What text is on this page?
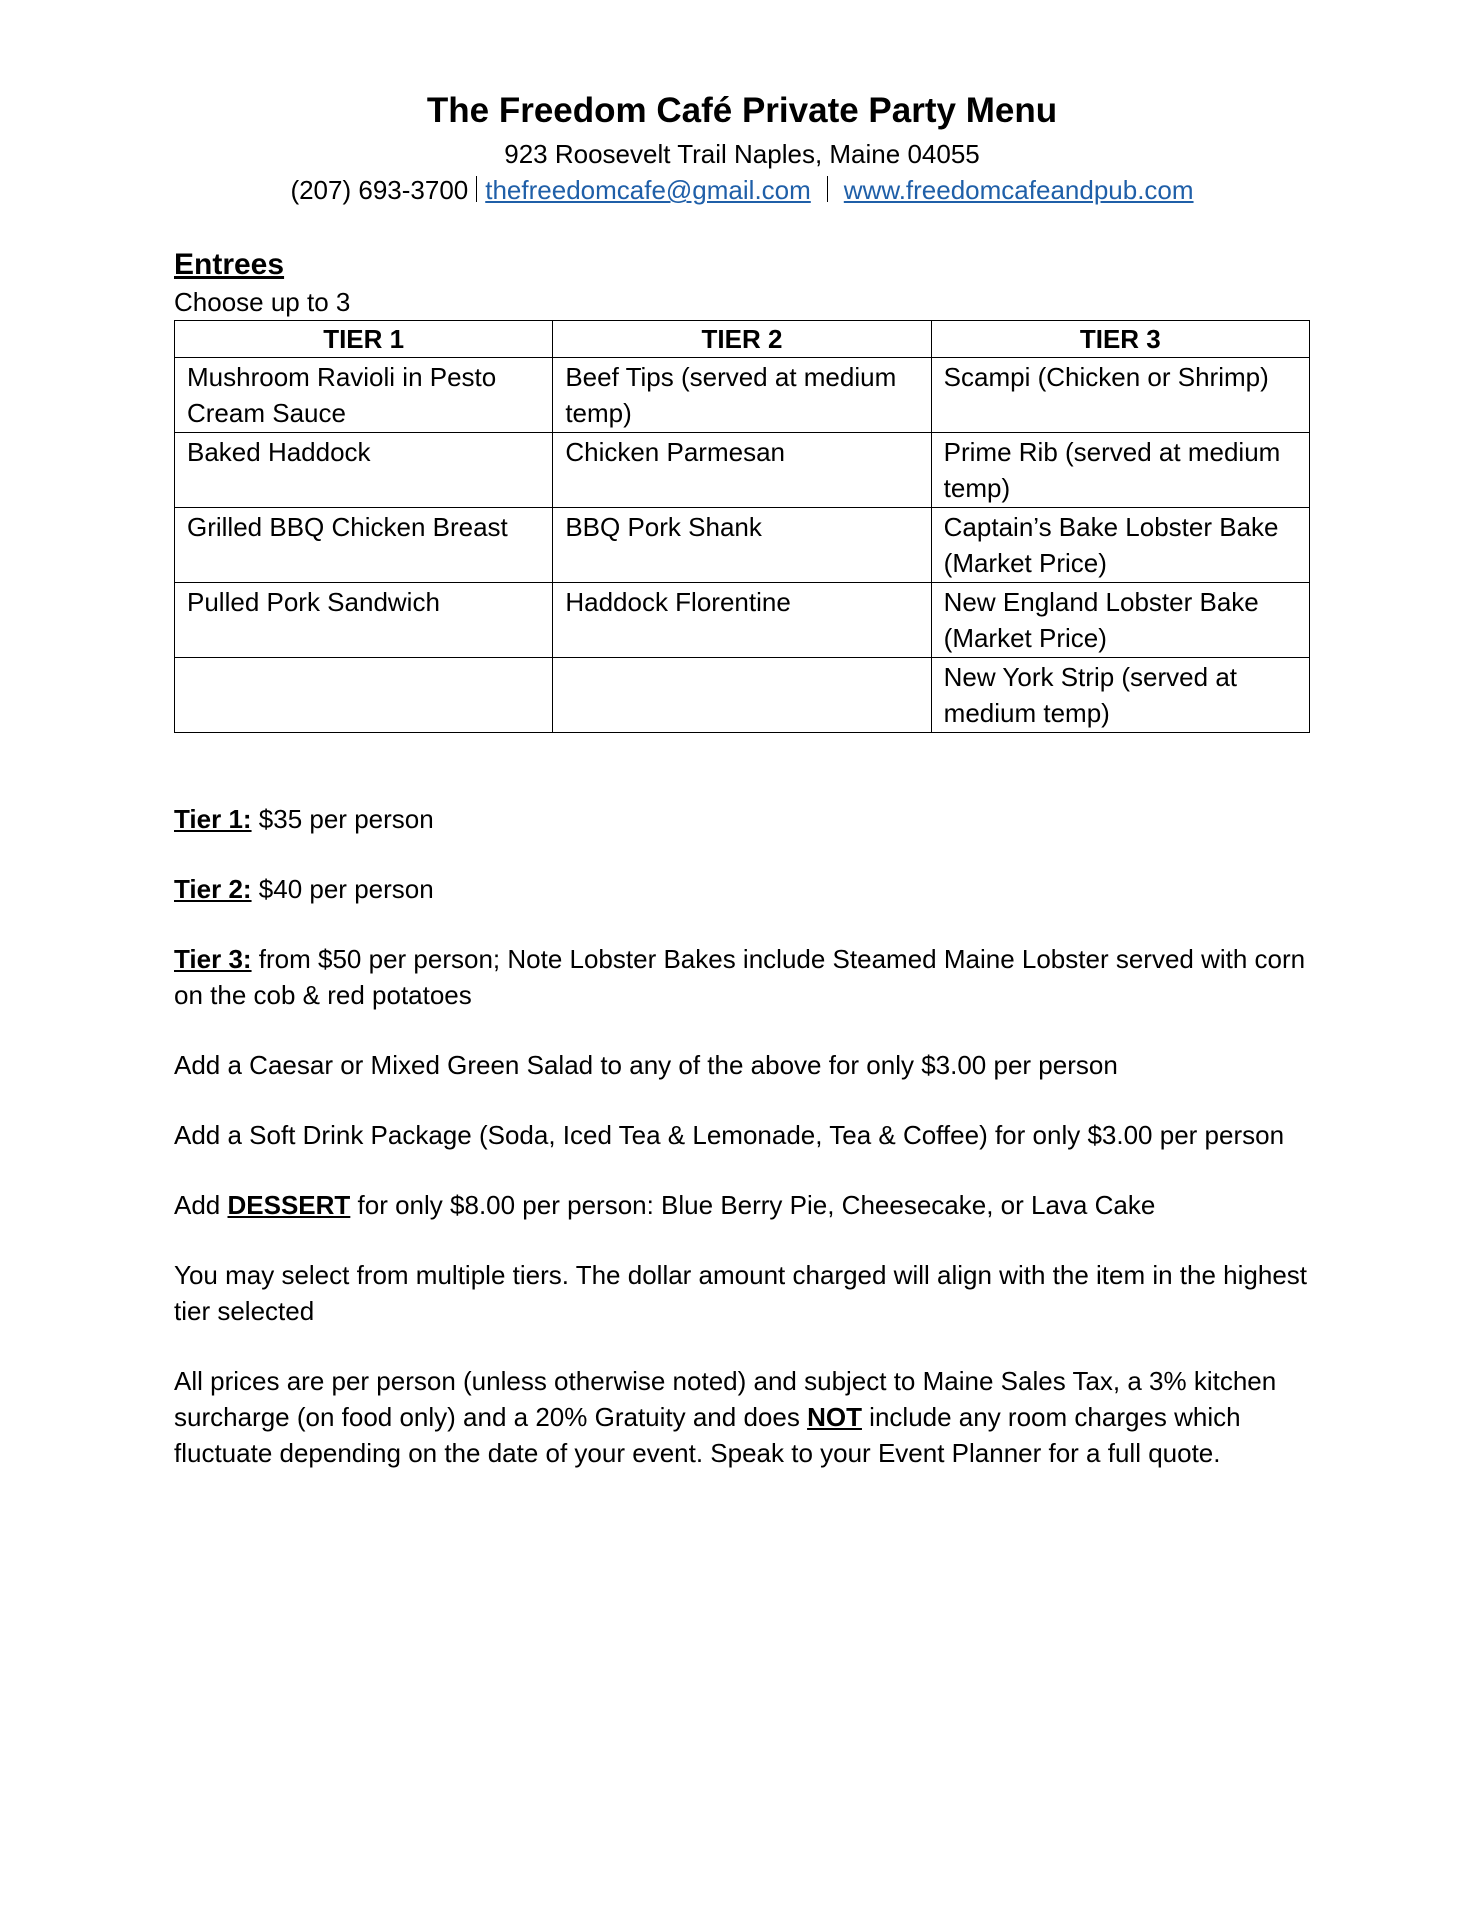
The Freedom Café Private Party Menu
923 Roosevelt Trail Naples, Maine 04055
(207) 693-3700 thefreedomcafe@gmail.com www.freedomcafeandpub.com
Entrees
Choose up to 3
TIER 1	TIER 2	TIER 3
Mushroom Ravioli in Pesto Cream Sauce	Beef Tips (served at medium temp)	Scampi (Chicken or Shrimp)
Baked Haddock	Chicken Parmesan	Prime Rib (served at medium temp)
Grilled BBQ Chicken Breast	BBQ Pork Shank	Captain’s Bake Lobster Bake (Market Price)
Pulled Pork Sandwich	Haddock Florentine	New England Lobster Bake (Market Price)
		New York Strip (served at medium temp)

Tier 1: $35 per person

Tier 2: $40 per person

Tier 3: from $50 per person; Note Lobster Bakes include Steamed Maine Lobster served with corn on the cob & red potatoes

Add a Caesar or Mixed Green Salad to any of the above for only $3.00 per person

Add a Soft Drink Package (Soda, Iced Tea & Lemonade, Tea & Coffee) for only $3.00 per person

Add DESSERT for only $8.00 per person: Blue Berry Pie, Cheesecake, or Lava Cake

You may select from multiple tiers. The dollar amount charged will align with the item in the highest tier selected

All prices are per person (unless otherwise noted) and subject to Maine Sales Tax, a 3% kitchen surcharge (on food only) and a 20% Gratuity and does NOT include any room charges which fluctuate depending on the date of your event. Speak to your Event Planner for a full quote.
